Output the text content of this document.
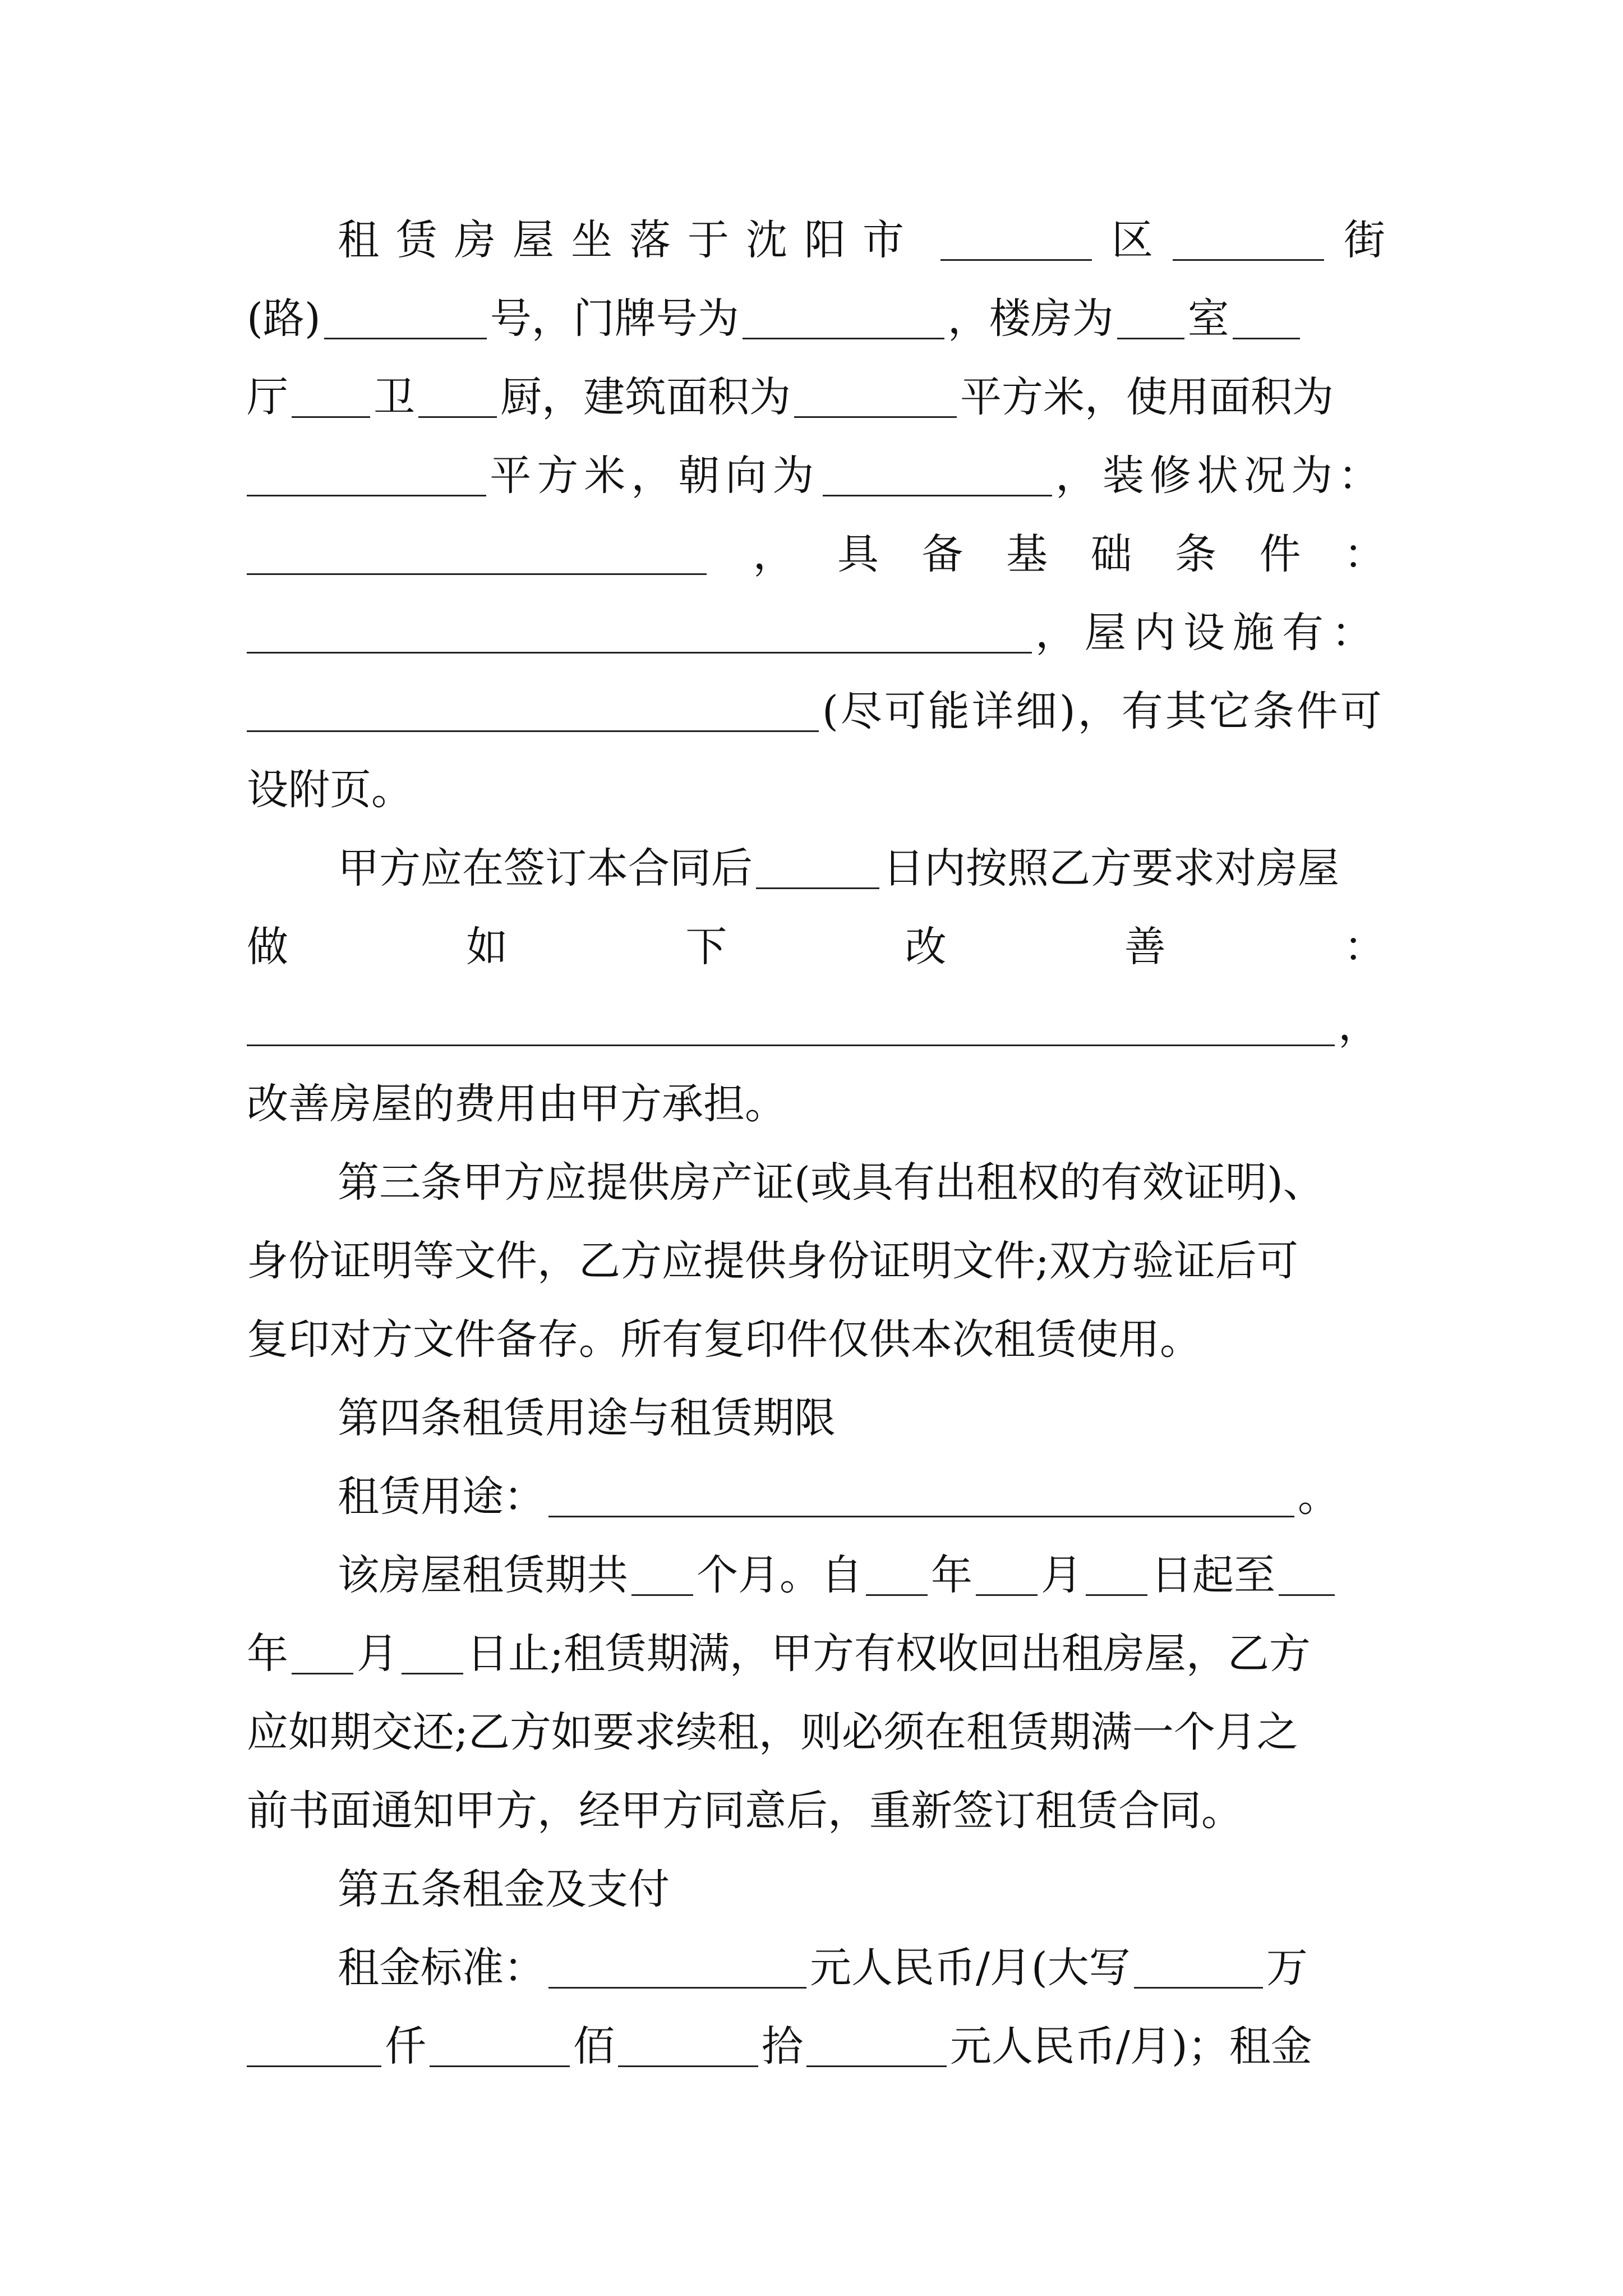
租赁房屋坐落于沈阳市	区	街
(路)	号，门牌号为	，楼房为 室
厅 卫 厨，建筑面积为	平方米，使用面积为
平方米，朝向为	，装修状况为：
， 具 备 基 础 条 件 ：
，屋内设施有：
(尽可能详细)，有其它条件可
设附页。
甲方应在签订本合同后	日内按照乙方要求对房屋
做	如	下	改	善	：
，
改善房屋的费用由甲方承担。
第三条甲方应提供房产证(或具有出租权的有效证明)、
身份证明等文件，乙方应提供身份证明文件;双方验证后可
复印对方文件备存。所有复印件仅供本次租赁使用。
第四条租赁用途与租赁期限
租赁用途：	。
该房屋租赁期共 个月。自 年 月 日起至
年 月 日止;租赁期满，甲方有权收回出租房屋，乙方
应如期交还;乙方如要求续租，则必须在租赁期满一个月之
前书面通知甲方，经甲方同意后，重新签订租赁合同。
第五条租金及支付
租金标准：	元人民币/月(大写	万
仟	佰	拾	元人民币/月)；租金
